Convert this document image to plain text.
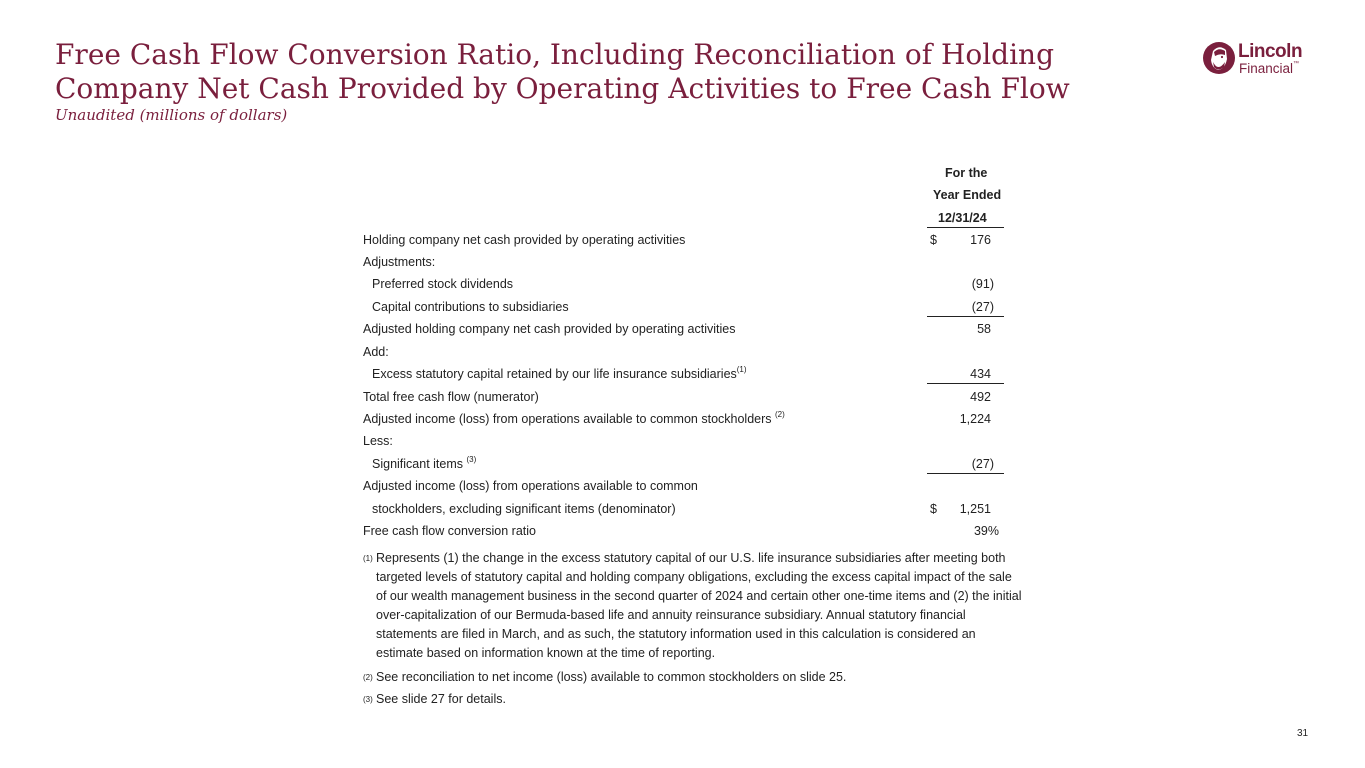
Free Cash Flow Conversion Ratio, Including Reconciliation of Holding
Company Net Cash Provided by Operating Activities to Free Cash Flow
Unaudited (millions of dollars)
Lincoln
Financial™
For the
Year Ended
12/31/24
Holding company net cash provided by operating activities	$	176
Adjustments:
Preferred stock dividends	(91)
Capital contributions to subsidiaries	(27)
Adjusted holding company net cash provided by operating activities	58
Add:
Excess statutory capital retained by our life insurance subsidiaries$^{(1)}$	434
Total free cash flow (numerator)	492
Adjusted income (loss) from operations available to common stockholders $^{(2)}$	1,224
Less:
Significant items $^{(3)}$	(27)
Adjusted income (loss) from operations available to common
stockholders, excluding significant items (denominator)	$ 1,251
Free cash flow conversion ratio	39%
(1) Represents (1) the change in the excess statutory capital of our U.S. life insurance subsidiaries after meeting both targeted levels of statutory capital and holding company obligations, excluding the excess capital impact of the sale of our wealth management business in the second quarter of 2024 and certain other one-time items and (2) the initial over-capitalization of our Bermuda-based life and annuity reinsurance subsidiary. Annual statutory financial statements are filed in March, and as such, the statutory information used in this calculation is considered an estimate based on information known at the time of reporting.
(2) See reconciliation to net income (loss) available to common stockholders on slide 25.
(3) See slide 27 for details.
31
